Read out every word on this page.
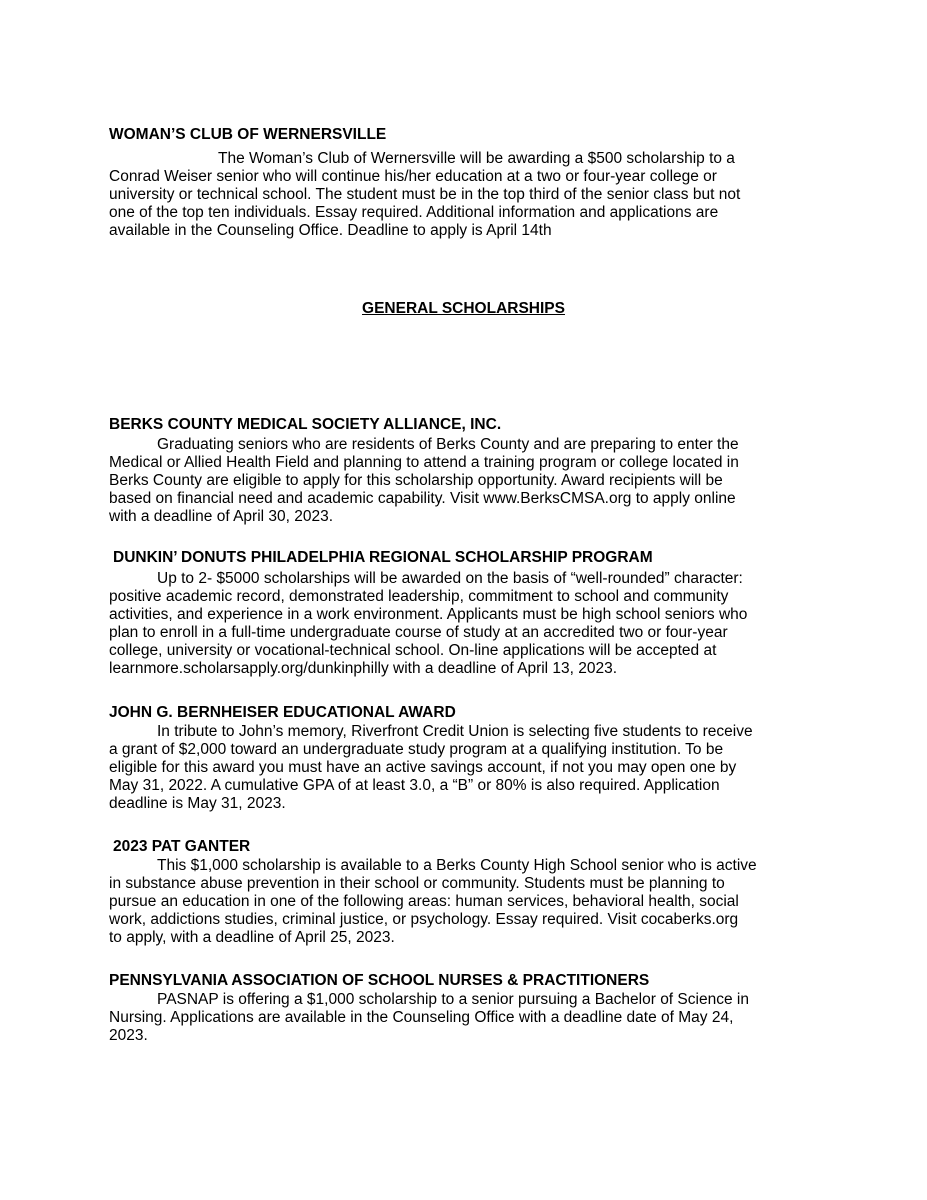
WOMAN’S CLUB OF WERNERSVILLE
The Woman’s Club of Wernersville will be awarding a $500 scholarship to a
Conrad Weiser senior who will continue his/her education at a two or four-year college or
university or technical school. The student must be in the top third of the senior class but not
one of the top ten individuals. Essay required. Additional information and applications are
available in the Counseling Office. Deadline to apply is April 14th
GENERAL SCHOLARSHIPS
BERKS COUNTY MEDICAL SOCIETY ALLIANCE, INC.
Graduating seniors who are residents of Berks County and are preparing to enter the
Medical or Allied Health Field and planning to attend a training program or college located in
Berks County are eligible to apply for this scholarship opportunity. Award recipients will be
based on financial need and academic capability. Visit www.BerksCMSA.org to apply online
with a deadline of April 30, 2023.
DUNKIN’ DONUTS PHILADELPHIA REGIONAL SCHOLARSHIP PROGRAM
Up to 2- $5000 scholarships will be awarded on the basis of “well-rounded” character:
positive academic record, demonstrated leadership, commitment to school and community
activities, and experience in a work environment. Applicants must be high school seniors who
plan to enroll in a full-time undergraduate course of study at an accredited two or four-year
college, university or vocational-technical school. On-line applications will be accepted at
learnmore.scholarsapply.org/dunkinphilly with a deadline of April 13, 2023.
JOHN G. BERNHEISER EDUCATIONAL AWARD
In tribute to John’s memory, Riverfront Credit Union is selecting five students to receive
a grant of $2,000 toward an undergraduate study program at a qualifying institution. To be
eligible for this award you must have an active savings account, if not you may open one by
May 31, 2022. A cumulative GPA of at least 3.0, a “B” or 80% is also required. Application
deadline is May 31, 2023.
2023 PAT GANTER
This $1,000 scholarship is available to a Berks County High School senior who is active
in substance abuse prevention in their school or community. Students must be planning to
pursue an education in one of the following areas: human services, behavioral health, social
work, addictions studies, criminal justice, or psychology. Essay required. Visit cocaberks.org
to apply, with a deadline of April 25, 2023.
PENNSYLVANIA ASSOCIATION OF SCHOOL NURSES & PRACTITIONERS
PASNAP is offering a $1,000 scholarship to a senior pursuing a Bachelor of Science in
Nursing. Applications are available in the Counseling Office with a deadline date of May 24,
2023.
